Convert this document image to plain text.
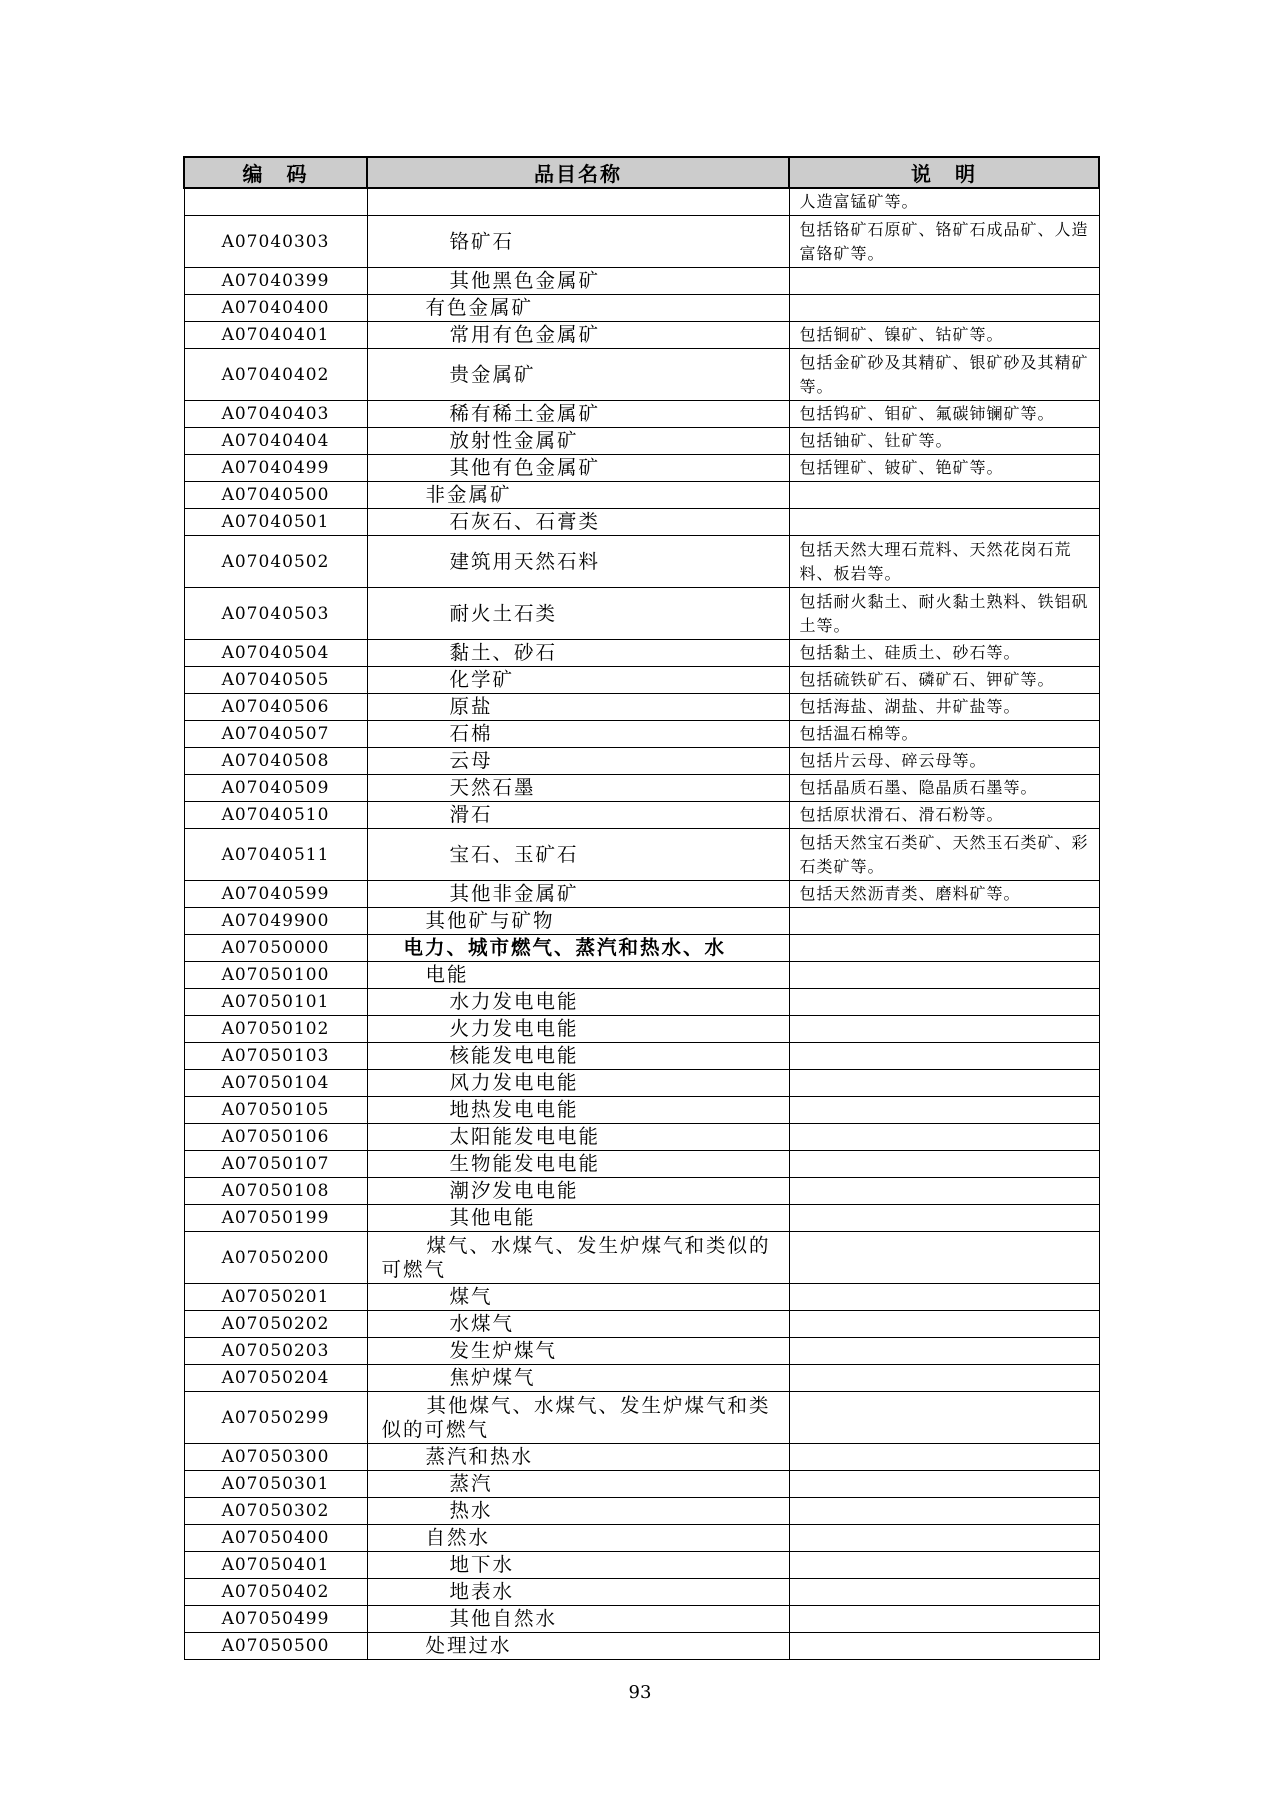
编　码	品目名称	说　明
		人造富锰矿等。
A07040303	铬矿石	包括铬矿石原矿、铬矿石成品矿、人造富铬矿等。
A07040399	其他黑色金属矿	
A07040400	有色金属矿	
A07040401	常用有色金属矿	包括铜矿、镍矿、钴矿等。
A07040402	贵金属矿	包括金矿砂及其精矿、银矿砂及其精矿等。
A07040403	稀有稀土金属矿	包括钨矿、钼矿、氟碳铈镧矿等。
A07040404	放射性金属矿	包括铀矿、钍矿等。
A07040499	其他有色金属矿	包括锂矿、铍矿、铯矿等。
A07040500	非金属矿	
A07040501	石灰石、石膏类	
A07040502	建筑用天然石料	包括天然大理石荒料、天然花岗石荒料、板岩等。
A07040503	耐火土石类	包括耐火黏土、耐火黏土熟料、铁铝矾土等。
A07040504	黏土、砂石	包括黏土、硅质土、砂石等。
A07040505	化学矿	包括硫铁矿石、磷矿石、钾矿等。
A07040506	原盐	包括海盐、湖盐、井矿盐等。
A07040507	石棉	包括温石棉等。
A07040508	云母	包括片云母、碎云母等。
A07040509	天然石墨	包括晶质石墨、隐晶质石墨等。
A07040510	滑石	包括原状滑石、滑石粉等。
A07040511	宝石、玉矿石	包括天然宝石类矿、天然玉石类矿、彩石类矿等。
A07040599	其他非金属矿	包括天然沥青类、磨料矿等。
A07049900	其他矿与矿物	
A07050000	电力、城市燃气、蒸汽和热水、水	
A07050100	电能	
A07050101	水力发电电能	
A07050102	火力发电电能	
A07050103	核能发电电能	
A07050104	风力发电电能	
A07050105	地热发电电能	
A07050106	太阳能发电电能	
A07050107	生物能发电电能	
A07050108	潮汐发电电能	
A07050199	其他电能	
A07050200	煤气、水煤气、发生炉煤气和类似的可燃气	
A07050201	煤气	
A07050202	水煤气	
A07050203	发生炉煤气	
A07050204	焦炉煤气	
A07050299	其他煤气、水煤气、发生炉煤气和类似的可燃气	
A07050300	蒸汽和热水	
A07050301	蒸汽	
A07050302	热水	
A07050400	自然水	
A07050401	地下水	
A07050402	地表水	
A07050499	其他自然水	
A07050500	处理过水	
93
